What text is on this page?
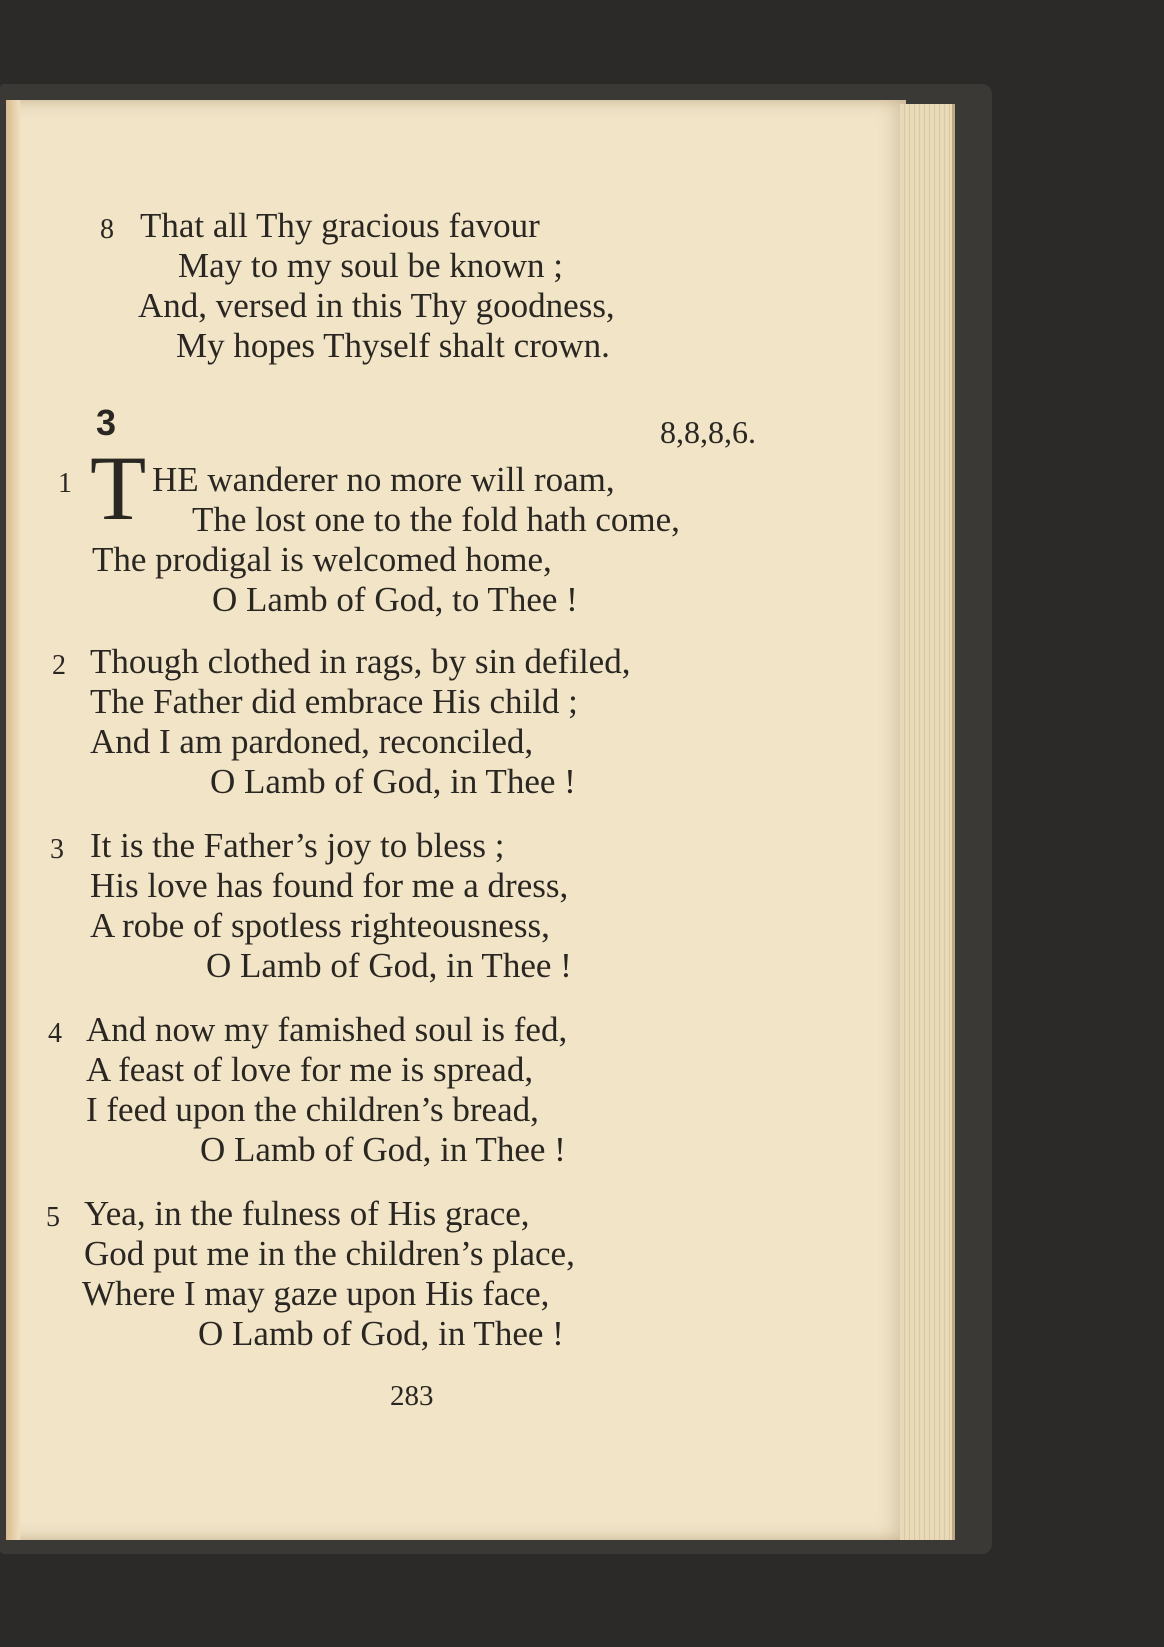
8 That all Thy gracious favour
May to my soul be known ;
And, versed in this Thy goodness,
My hopes Thyself shalt crown.
3	8,8,8,6.
T
1 HE wanderer no more will roam,
The lost one to the fold hath come,
The prodigal is welcomed home,
O Lamb of God, to Thee !
2 Though clothed in rags, by sin defiled,
The Father did embrace His child ;
And I am pardoned, reconciled,
O Lamb of God, in Thee !
3 It is the Father’s joy to bless ;
His love has found for me a dress,
A robe of spotless righteousness,
O Lamb of God, in Thee !
4 And now my famished soul is fed,
A feast of love for me is spread,
I feed upon the children’s bread,
O Lamb of God, in Thee !
5 Yea, in the fulness of His grace,
God put me in the children’s place,
Where I may gaze upon His face,
O Lamb of God, in Thee !
283
